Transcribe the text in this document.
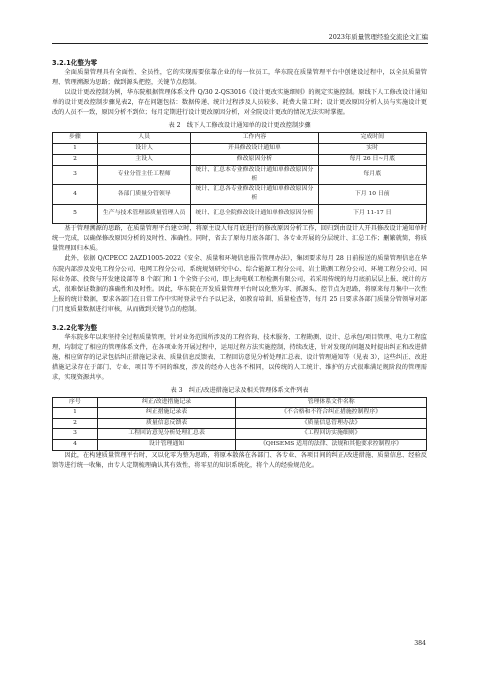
2023年质量管理经验交流论文汇编
3.2.1化整为零

全面质量管理具有全面性、全员性，它的实现需要依靠企业的每一位员工，华东院在质量管理平台中创建设过程中，以全员质量管理、管理溯源为思路；做到源头把控，关键节点控制。

以设计更改控制为例，华东院根据管理体系文件 Q/30 2-QS3016《设计更改实施细则》的规定实施控制。原线下人工修改设计通知单的设计更改控制步骤见表2，存在问题包括：数据传递、统计过程涉及人员较多、耗费大量工时；设计更改原因分析人员与实施设计更改的人员不一致，原因分析不到位；每月定期进行设计更改原因分析，对全院设计更改的情况无法实时掌握。

表 2　线下人工修改设计通知单的设计更改控制步骤
步骤	人员	工作内容	完成时间
1	设计人	开具修改设计通知单	实时
2	主设人	修改原因分析	每月 26 日~月底
3	专业分管主任工程师	统计、汇总本专业修改设计通知单修改原因分析	每月底
4	各部门质量分管领导	统计、汇总各专业修改设计通知单修改原因分析	下月 10 日前
5	生产与技术管理部质量管理人员	统计、汇总全院修改设计通知单修改原因分析	下月 11-17 日

基于管理溯源的思路，在质量管理平台建立时，将原主设人每月底进行的修改原因分析工作，回归到由设计人开具修改设计通知单时统一完成，以确保修改原因分析的及时性、准确性。同时，省去了原每月底各部门、各专业开展的分层统计、汇总工作；删繁就简，将质量管理回归本质。

此外，依据 Q/CPECC 2AZD1005-2022《安全、质量和环境信息报告管理办法》，集团要求每月 28 日前报送的质量管理信息在华东院内部涉及发电工程分公司、电网工程分公司、系统规划研究中心、综合能源工程分公司、岩土勘测工程分公司、环境工程分公司、国际业务部、投资与开发建设部等 8 个部门和 1 个全资子公司，即上海电联工程检测有限公司，若采用传统的每月底前层层上报、统计的方式，很难保证数据的准确性和及时性。因此，华东院在开发质量管理平台时以化整为零、抓源头、控节点为思路，将原来每月集中一次性上报的统计数据，要求各部门在日常工作中实时登录平台予以记录，如教育培训、质量检查等，每月 25 日要求各部门质量分管领导对部门月度质量数据进行审核，从而做到关键节点的控制。

3.2.2化零为整

华东院多年以来坚持全过程质量管理，针对业务范围所涉及的工程咨询、技术服务、工程勘测、设计、总承包/项目管理、电力工程监理，均制定了相应的管理体系文件，在各项业务开展过程中，运用过程方法实施控制，持续改进，针对发现的问题及时提出纠正和改进措施，相应留存的记录包括纠正措施记录表、质量信息反馈表、工程回访意见分析处理汇总表、设计管理通知等（见表 3），这些纠正、改进措施记录存在于部门、专业、项目等不同的维度，涉及的经办人也各不相同，以传统的人工统计、维护的方式很难满足规阶段的管理需求，实现资源共享。

表 3　纠正/改进措施记录及相关管理体系文件列表
序号	纠正/改进措施记录	管理体系文件名称
1	纠正措施记录表	《不合格和不符合纠正措施控制程序》
2	质量信息反馈表	《质量信息管理办法》
3	工程回访意见分析处理汇总表	《工程回访实施细则》
4	设计管理通知	《QHSEMS 适用的法律、法规和其他要求控制程序》

因此，在构建质量管理平台时，又以化零为整为思路，将原本散落在各部门、各专业、各项目间的纠正/改进措施、质量信息、经验反馈等进行统一收集，由专人定期梳理确认其有效性，将零星的知识系统化，将个人的经验规范化。

384
